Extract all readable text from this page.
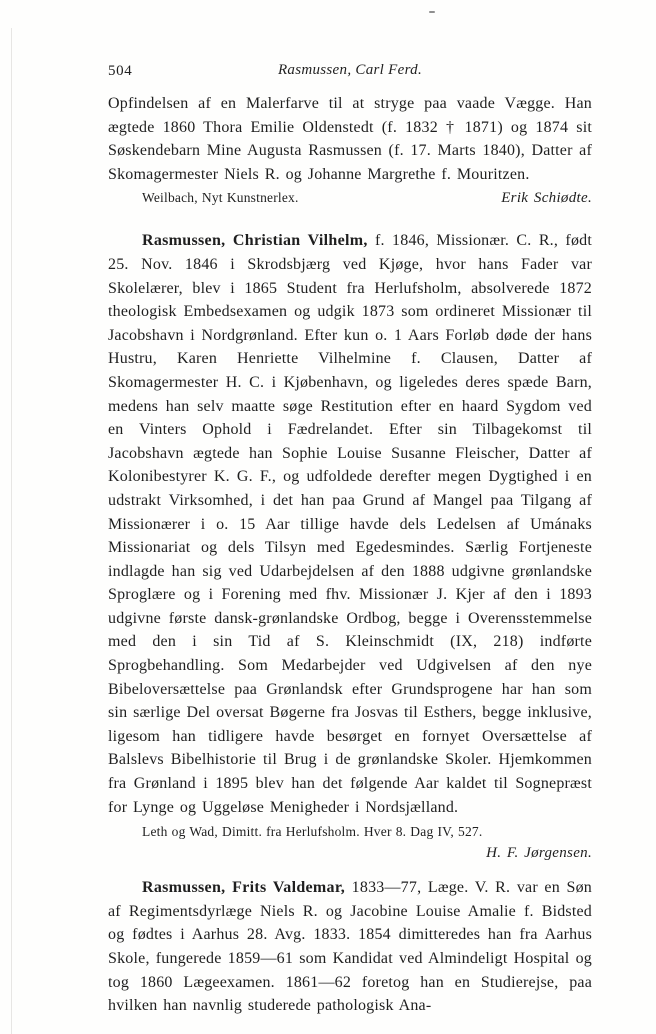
504	Rasmussen, Carl Ferd.

Opfindelsen af en Malerfarve til at stryge paa vaade Vægge. Han ægtede 1860 Thora Emilie Oldenstedt (f. 1832 † 1871) og 1874 sit Søskendebarn Mine Augusta Rasmussen (f. 17. Marts 1840), Datter af Skomagermester Niels R. og Johanne Margrethe f. Mouritzen.

Weilbach, Nyt Kunstnerlex.	Erik Schiødte.

Rasmussen, Christian Vilhelm, f. 1846, Missionær. C. R., født 25. Nov. 1846 i Skrodsbjærg ved Kjøge, hvor hans Fader var Skolelærer, blev i 1865 Student fra Herlufsholm, absolverede 1872 theologisk Embedsexamen og udgik 1873 som ordineret Missionær til Jacobshavn i Nordgrønland. Efter kun o. 1 Aars Forløb døde der hans Hustru, Karen Henriette Vilhelmine f. Clausen, Datter af Skomagermester H. C. i Kjøbenhavn, og ligeledes deres spæde Barn, medens han selv maatte søge Restitution efter en haard Sygdom ved en Vinters Ophold i Fædrelandet. Efter sin Tilbagekomst til Jacobshavn ægtede han Sophie Louise Susanne Fleischer, Datter af Kolonibestyrer K. G. F., og udfoldede derefter megen Dygtighed i en udstrakt Virksomhed, i det han paa Grund af Mangel paa Tilgang af Missionærer i o. 15 Aar tillige havde dels Ledelsen af Umánaks Missionariat og dels Tilsyn med Egedesmindes. Særlig Fortjeneste indlagde han sig ved Udarbejdelsen af den 1888 udgivne grønlandske Sproglære og i Forening med fhv. Missionær J. Kjer af den i 1893 udgivne første dansk-grønlandske Ordbog, begge i Overensstemmelse med den i sin Tid af S. Kleinschmidt (IX, 218) indførte Sprogbehandling. Som Medarbejder ved Udgivelsen af den nye Bibeloversættelse paa Grønlandsk efter Grundsprogene har han som sin særlige Del oversat Bøgerne fra Josvas til Esthers, begge inklusive, ligesom han tidligere havde besørget en fornyet Oversættelse af Balslevs Bibelhistorie til Brug i de grønlandske Skoler. Hjemkommen fra Grønland i 1895 blev han det følgende Aar kaldet til Sognepræst for Lynge og Uggeløse Menigheder i Nordsjælland.

Leth og Wad, Dimitt. fra Herlufsholm. Hver 8. Dag IV, 527.

H. F. Jørgensen.

Rasmussen, Frits Valdemar, 1833—77, Læge. V. R. var en Søn af Regimentsdyrlæge Niels R. og Jacobine Louise Amalie f. Bidsted og fødtes i Aarhus 28. Avg. 1833. 1854 dimitteredes han fra Aarhus Skole, fungerede 1859—61 som Kandidat ved Almindeligt Hospital og tog 1860 Lægeexamen. 1861—62 foretog han en Studierejse, paa hvilken han navnlig studerede pathologisk Ana-
